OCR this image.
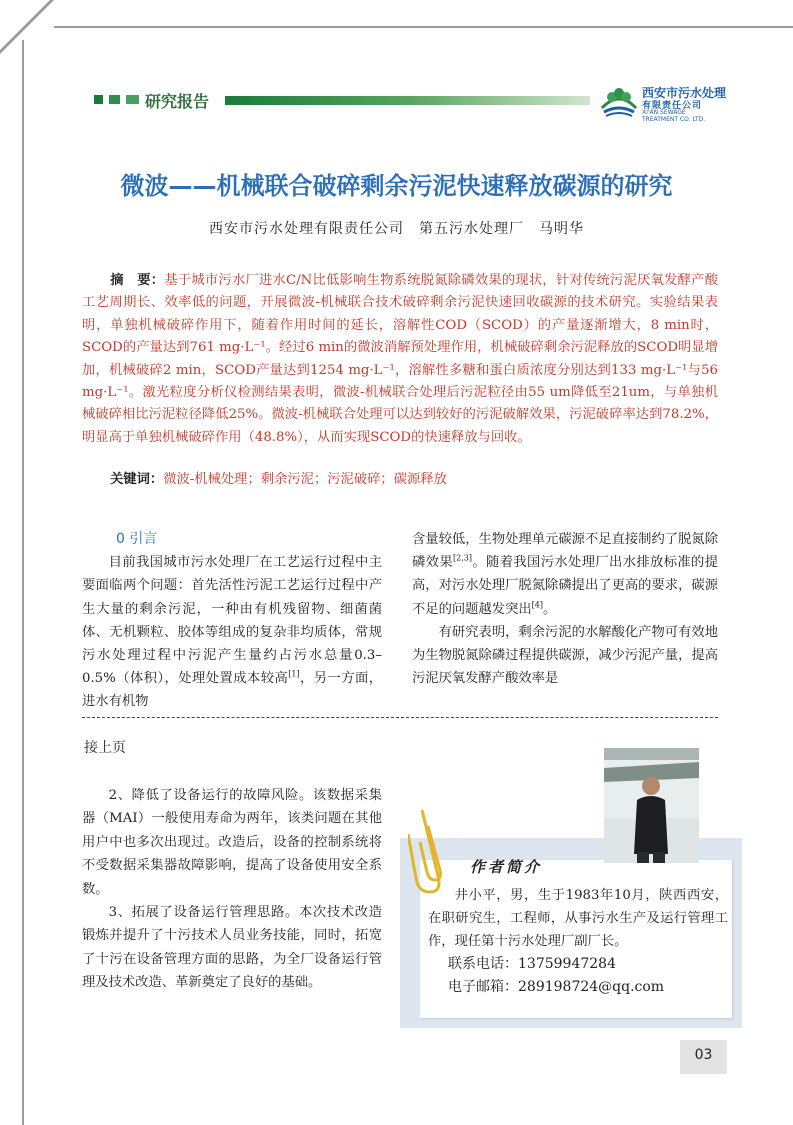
研究报告	西安市污水处理
有限责任公司
XI'AN SEWAGE
TREATMENT CO. LTD.
微波——机械联合破碎剩余污泥快速释放碳源的研究
西安市污水处理有限责任公司　第五污水处理厂　马明华
摘　要：基于城市污水厂进水C/N比低影响生物系统脱氮除磷效果的现状，针对传统污泥厌氧发酵产酸工艺周期长、效率低的问题，开展微波-机械联合技术破碎剩余污泥快速回收碳源的技术研究。实验结果表明，单独机械破碎作用下，随着作用时间的延长，溶解性COD（SCOD）的产量逐渐增大，8 min时，SCOD的产量达到761 mg·L⁻¹。经过6 min的微波消解预处理作用，机械破碎剩余污泥释放的SCOD明显增加，机械破碎2 min，SCOD产量达到1254 mg·L⁻¹，溶解性多糖和蛋白质浓度分别达到133 mg·L⁻¹与56 mg·L⁻¹。激光粒度分析仪检测结果表明，微波-机械联合处理后污泥粒径由55 um降低至21um，与单独机械破碎相比污泥粒径降低25%。微波-机械联合处理可以达到较好的污泥破解效果，污泥破碎率达到78.2%，明显高于单独机械破碎作用（48.8%），从而实现SCOD的快速释放与回收。
关键词：微波-机械处理；剩余污泥；污泥破碎；碳源释放

0 引言

目前我国城市污水处理厂在工艺运行过程中主要面临两个问题：首先活性污泥工艺运行过程中产生大量的剩余污泥，一种由有机残留物、细菌菌体、无机颗粒、胶体等组成的复杂非均质体，常规污水处理过程中污泥产生量约占污水总量0.3–0.5%（体积），处理处置成本较高[1]，另一方面，进水有机物

含量较低，生物处理单元碳源不足直接制约了脱氮除磷效果[2,3]。随着我国污水处理厂出水排放标准的提高，对污水处理厂脱氮除磷提出了更高的要求，碳源不足的问题越发突出[4]。

有研究表明，剩余污泥的水解酸化产物可有效地为生物脱氮除磷过程提供碳源，减少污泥产量，提高污泥厌氧发酵产酸效率是

接上页

2、降低了设备运行的故障风险。该数据采集器（MAI）一般使用寿命为两年，该类问题在其他用户中也多次出现过。改造后，设备的控制系统将不受数据采集器故障影响，提高了设备使用安全系数。

3、拓展了设备运行管理思路。本次技术改造锻炼并提升了十污技术人员业务技能，同时，拓宽了十污在设备管理方面的思路，为全厂设备运行管理及技术改造、革新奠定了良好的基础。

作者简介

井小平，男，生于1983年10月，陕西西安，在职研究生，工程师，从事污水生产及运行管理工作，现任第十污水处理厂副厂长。

联系电话：13759947284

电子邮箱：289198724@qq.com

03
